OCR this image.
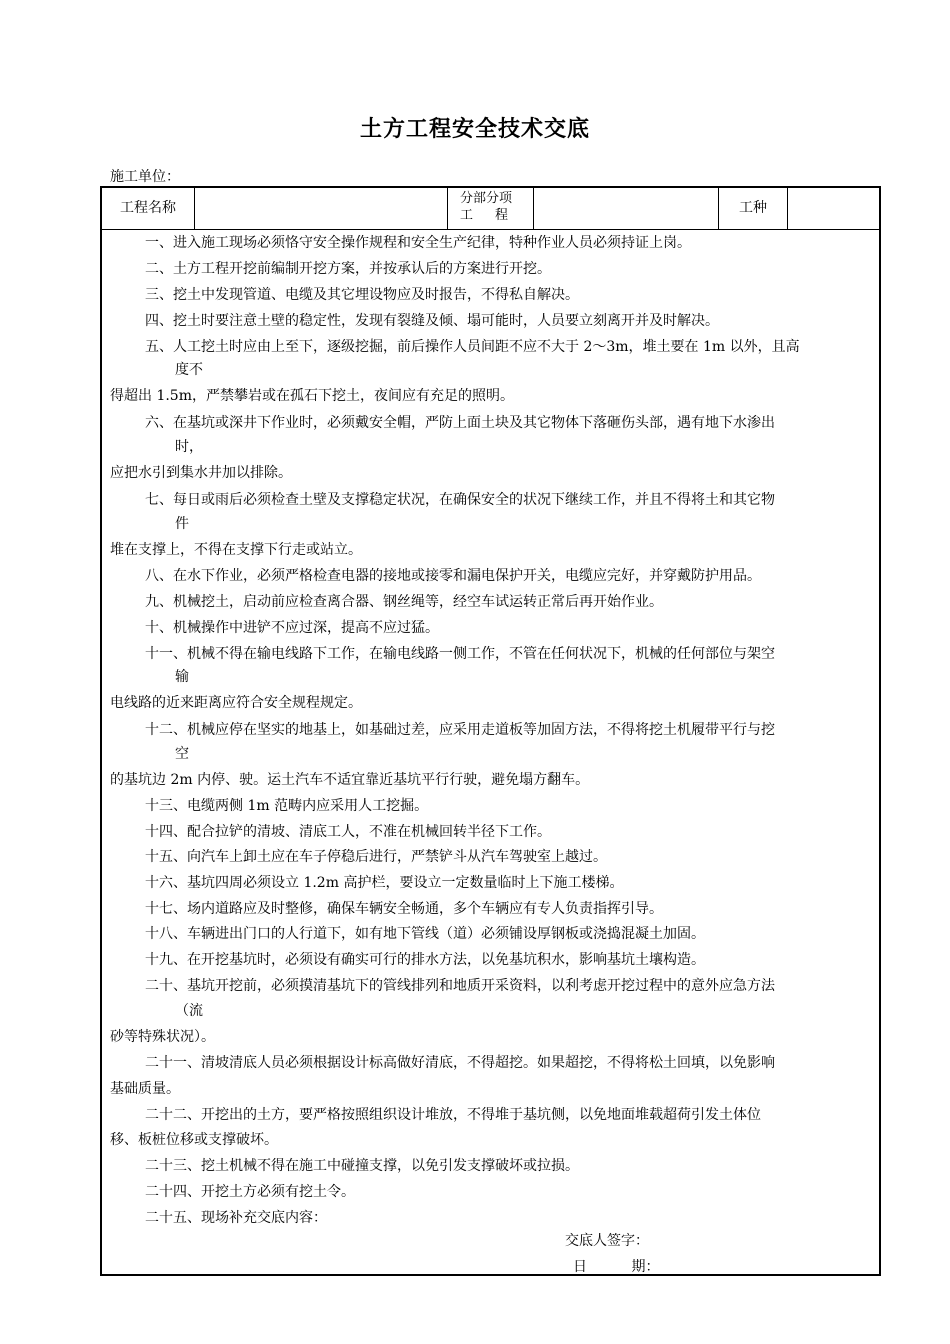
土方工程安全技术交底
施工单位：
工程名称
分部分项
工程	工种
一、进入施工现场必须恪守安全操作规程和安全生产纪律，特种作业人员必须持证上岗。
二、土方工程开挖前编制开挖方案，并按承认后的方案进行开挖。
三、挖土中发现管道、电缆及其它埋设物应及时报告，不得私自解决。
四、挖土时要注意土壁的稳定性，发现有裂缝及倾、塌可能时，人员要立刻离开并及时解决。
五、人工挖土时应由上至下，逐级挖掘，前后操作人员间距不应不大于 2～3m，堆土要在 1m 以外，且高
度不
得超出 1.5m，严禁攀岩或在孤石下挖土，夜间应有充足的照明。
六、在基坑或深井下作业时，必须戴安全帽，严防上面土块及其它物体下落砸伤头部，遇有地下水渗出
时，
应把水引到集水井加以排除。
七、每日或雨后必须检查土壁及支撑稳定状况，在确保安全的状况下继续工作，并且不得将土和其它物
件
堆在支撑上，不得在支撑下行走或站立。
八、在水下作业，必须严格检查电器的接地或接零和漏电保护开关，电缆应完好，并穿戴防护用品。
九、机械挖土，启动前应检查离合器、钢丝绳等，经空车试运转正常后再开始作业。
十、机械操作中进铲不应过深，提高不应过猛。
十一、机械不得在输电线路下工作，在输电线路一侧工作，不管在任何状况下，机械的任何部位与架空
输
电线路的近来距离应符合安全规程规定。
十二、机械应停在坚实的地基上，如基础过差，应采用走道板等加固方法，不得将挖土机履带平行与挖
空
的基坑边 2m 内停、驶。运土汽车不适宜靠近基坑平行行驶，避免塌方翻车。
十三、电缆两侧 1m 范畴内应采用人工挖掘。
十四、配合拉铲的清坡、清底工人，不准在机械回转半径下工作。
十五、向汽车上卸土应在车子停稳后进行，严禁铲斗从汽车驾驶室上越过。
十六、基坑四周必须设立 1.2m 高护栏，要设立一定数量临时上下施工楼梯。
十七、场内道路应及时整修，确保车辆安全畅通，多个车辆应有专人负责指挥引导。
十八、车辆进出门口的人行道下，如有地下管线（道）必须铺设厚钢板或浇捣混凝土加固。
十九、在开挖基坑时，必须设有确实可行的排水方法，以免基坑积水，影响基坑土壤构造。
二十、基坑开挖前，必须摸清基坑下的管线排列和地质开采资料，以利考虑开挖过程中的意外应急方法
（流
砂等特殊状况）。
二十一、清坡清底人员必须根据设计标高做好清底，不得超挖。如果超挖，不得将松土回填，以免影响
基础质量。
二十二、开挖出的土方，要严格按照组织设计堆放，不得堆于基坑侧，以免地面堆载超荷引发土体位
移、板桩位移或支撑破坏。
二十三、挖土机械不得在施工中碰撞支撑，以免引发支撑破坏或拉损。
二十四、开挖土方必须有挖土令。
二十五、现场补充交底内容：
交底人签字：
日 期：
